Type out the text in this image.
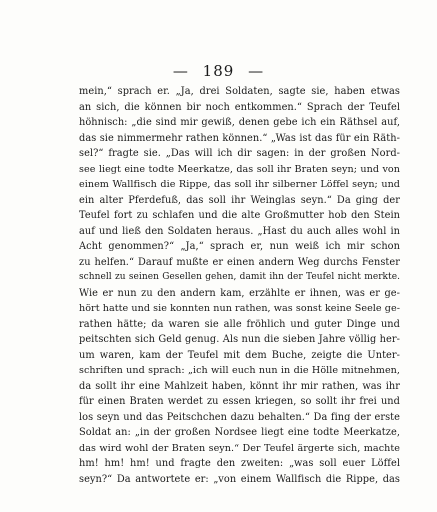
— 189 —
mein,“ sprach er. „Ja, drei Soldaten, sagte sie, haben etwas
an sich, die können bir noch entkommen.“ Sprach der Teufel
höhnisch: „die sind mir gewiß, denen gebe ich ein Räthsel auf,
das sie nimmermehr rathen können.“ „Was ist das für ein Räth-
sel?“ fragte sie. „Das will ich dir sagen: in der großen Nord-
see liegt eine todte Meerkatze, das soll ihr Braten seyn; und von
einem Wallfisch die Rippe, das soll ihr silberner Löffel seyn; und
ein alter Pferdefuß, das soll ihr Weinglas seyn.“ Da ging der
Teufel fort zu schlafen und die alte Großmutter hob den Stein
auf und ließ den Soldaten heraus. „Hast du auch alles wohl in
Acht genommen?“ „Ja,“ sprach er, nun weiß ich mir schon
zu helfen.“ Darauf mußte er einen andern Weg durchs Fenster
schnell zu seinen Gesellen gehen, damit ihn der Teufel nicht merkte.
Wie er nun zu den andern kam, erzählte er ihnen, was er ge-
hört hatte und sie konnten nun rathen, was sonst keine Seele ge-
rathen hätte; da waren sie alle fröhlich und guter Dinge und
peitschten sich Geld genug. Als nun die sieben Jahre völlig her-
um waren, kam der Teufel mit dem Buche, zeigte die Unter-
schriften und sprach: „ich will euch nun in die Hölle mitnehmen,
da sollt ihr eine Mahlzeit haben, könnt ihr mir rathen, was ihr
für einen Braten werdet zu essen kriegen, so sollt ihr frei und
los seyn und das Peitschchen dazu behalten.“ Da fing der erste
Soldat an: „in der großen Nordsee liegt eine todte Meerkatze,
das wird wohl der Braten seyn.“ Der Teufel ärgerte sich, machte
hm! hm! hm! und fragte den zweiten: „was soll euer Löffel
seyn?“ Da antwortete er: „von einem Wallfisch die Rippe, das
